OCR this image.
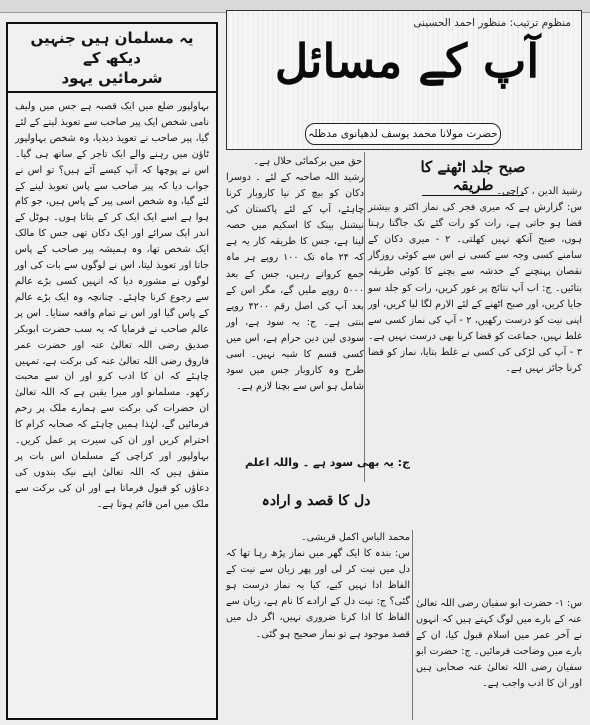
یہ مسلمان ہیں جنہیں دیکھ کے
شرمائیں یہود
بہاولپور ضلع میں ایک قصبہ ہے جس میں ولیف نامی شخص ایک پیر صاحب سے تعویذ لینے کے لئے گیا، پیر صاحب نے تعویذ دیدیا، وہ شخص بہاولپور ٹاؤن میں رہنے والے ایک تاجر کے ساتھ ہی گیا۔ اس نے پوچھا کہ آپ کیسے آئے ہیں؟ تو اس نے جواب دیا کہ پیر صاحب سے پاس تعویذ لینے کے لئے گیا، وہ شخص اسی پیر کے پاس ہیں، جو کام ہوا ہے اسے ایک ایک کر کے بتاتا ہوں۔ ہوٹل کے اندر ایک سرائے اور ایک دکان تھی جس کا مالک ایک شخص تھا، وہ ہمیشہ پیر صاحب کے پاس جاتا اور تعویذ لیتا، اس نے لوگوں سے بات کی اور لوگوں نے مشورہ دیا کہ انہیں کسی بڑے عالم سے رجوع کرنا چاہئے۔ چنانچہ وہ ایک بڑے عالم کے پاس گیا اور اس نے تمام واقعہ سنایا۔ اس پر عالم صاحب نے فرمایا کہ یہ سب حضرت ابوبکر صدیق رضی اللہ تعالیٰ عنہ اور حضرت عمر فاروق رضی اللہ تعالیٰ عنہ کی برکت ہے، تمہیں چاہئے کہ ان کا ادب کرو اور ان سے محبت رکھو۔ مسلمانو اور میرا یقین ہے کہ اللہ تعالیٰ ان حضرات کی برکت سے ہمارے ملک پر رحم فرمائیں گے، لہٰذا ہمیں چاہئے کہ صحابہ کرام کا احترام کریں اور ان کی سیرت پر عمل کریں۔ بہاولپور اور کراچی کے مسلمان اس بات پر متفق ہیں کہ اللہ تعالیٰ اپنے نیک بندوں کی دعاؤں کو قبول فرماتا ہے اور ان کی برکت سے ملک میں امن قائم ہوتا ہے۔
منظوم ترتیب: منظور احمد الحسینی
آپ کے مسائل
حضرت مولانا محمد یوسف لدھیانوی مدظلہ
حق میں برکمائی حلال ہے۔	صبح جلد اٹھنے کا طریقہ رشید الدین ، کراچی۔

س: گزارش ہے کہ میری فجر کی نماز اکثر و بیشتر قضا ہو جاتی ہے، رات کو رات گئے تک جاگتا رہتا ہوں، صبح آنکھ نہیں کھلتی۔ ۲ - میری دکان کے سامنے کسی وجہ سے کسی نے اس سے کوئی روزگار نقصان پہنچنے کے خدشہ سے بچنے کا کوئی طریقہ بتائیں۔ ج: اب آپ نتائج پر غور کریں، رات کو جلد سو جایا کریں، اور صبح اٹھنے کے لئے الارم لگا لیا کریں، اور اپنی نیت کو درست رکھیں، ۲ - آپ کی نماز کسی سے غلط نہیں، جماعت کو قضا کرنا بھی درست نہیں ہے۔ ۳ - آپ کی لڑکی کی کسی نے غلط بتایا، نماز کو قضا کرنا جائز نہیں ہے۔

رشید اللہ صاحبہ کے لئے ۔ دوسرا دکان کو بیچ کر نیا کاروبار کرنا چاہئے، آپ کے لئے پاکستان کی نیشنل بینک کا اسکیم میں حصہ لینا ہے، جس کا طریقہ کار یہ ہے کہ ۲۴ ماہ تک ۱۰۰ روپے ہر ماہ جمع کرواتے رہیں، جس کے بعد ۵۰۰۰ روپے ملیں گے، مگر اس کے بعد آپ کی اصل رقم ۴۲۰۰ روپے بنتی ہے۔ ج: یہ سود ہے، اور سودی لین دین حرام ہے، اس میں کسی قسم کا شبہ نہیں۔ اسی طرح وہ کاروبار جس میں سود شامل ہو اس سے بچنا لازم ہے۔
ج: یہ بھی سود ہے ۔ واللہ اعلم
دل کا قصد و ارادہ

محمد الیاس اکمل قریشی۔

س: بندہ کا ایک گھر میں نماز پڑھ رہا تھا کہ دل میں نیت کر لی اور پھر زبان سے نیت کے الفاظ ادا نہیں کیے، کیا یہ نماز درست ہو گئی؟ ج: نیت دل کے ارادے کا نام ہے، زبان سے الفاظ کا ادا کرنا ضروری نہیں، اگر دل میں قصد موجود ہے تو نماز صحیح ہو گئی۔

س: ۱- حضرت ابو سفیان رضی اللہ تعالیٰ عنہ کے بارے میں لوگ کہتے ہیں کہ انہوں نے آخر عمر میں اسلام قبول کیا، ان کے بارے میں وضاحت فرمائیں۔ ج: حضرت ابو سفیان رضی اللہ تعالیٰ عنہ صحابی ہیں اور ان کا ادب واجب ہے۔
